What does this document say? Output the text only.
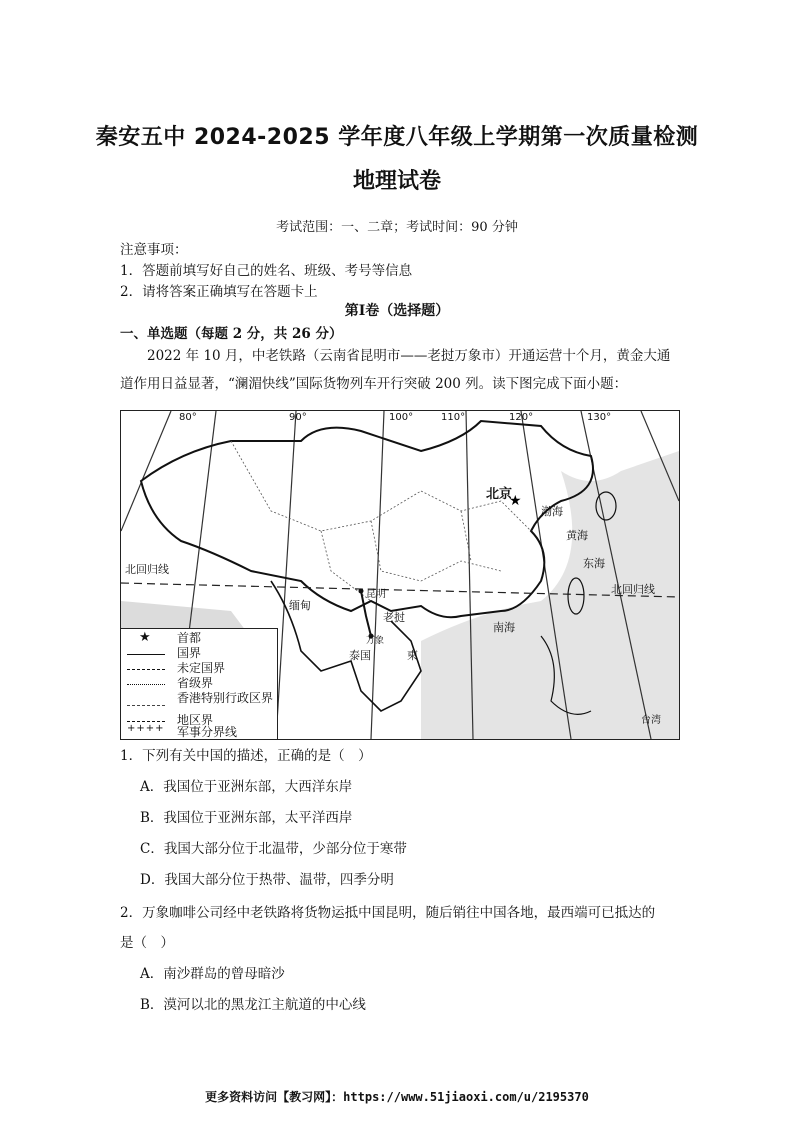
秦安五中 2024-2025 学年度八年级上学期第一次质量检测
地理试卷
考试范围：一、二章；考试时间：90 分钟
注意事项：
1．答题前填写好自己的姓名、班级、考号等信息
2．请将答案正确填写在答题卡上
第Ⅰ卷（选择题）
一、单选题（每题 2 分，共 26 分）
2022 年 10 月，中老铁路（云南省昆明市——老挝万象市）开通运营十个月，黄金大通道作用日益显著，“澜湄快线”国际货物列车开行突破 200 列。读下图完成下面小题：
★
北京
渤海
黄海
东海
南海
北回归线
北回归线
缅甸
昆明
老挝
万象
泰国	柬
台湾
80°	90°	100°	110°	120°	130°
★ 首都
国界
未定国界
省级界
香港特别行政区界
地区界
++++ 军事分界线
1．下列有关中国的描述，正确的是（　）
A．我国位于亚洲东部，大西洋东岸
B．我国位于亚洲东部，太平洋西岸
C．我国大部分位于北温带，少部分位于寒带
D．我国大部分位于热带、温带，四季分明
2．万象咖啡公司经中老铁路将货物运抵中国昆明，随后销往中国各地，最西端可已抵达的
是（　）
A．南沙群岛的曾母暗沙
B．漠河以北的黑龙江主航道的中心线
更多资料访问【教习网】：https://www.51jiaoxi.com/u/2195370
